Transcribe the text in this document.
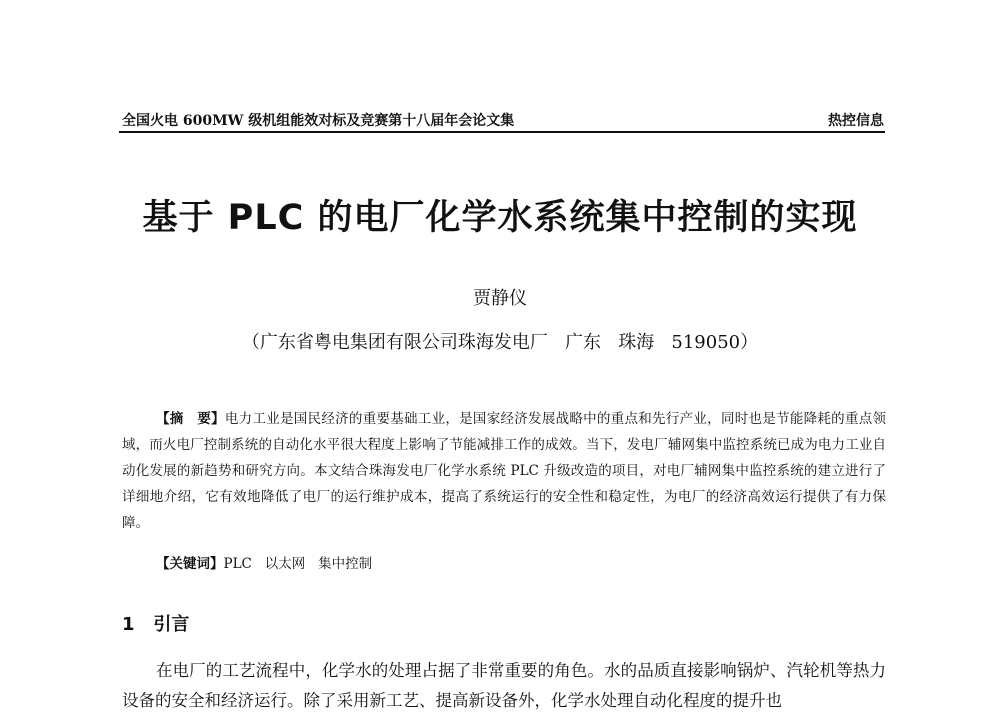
全国火电 600MW 级机组能效对标及竞赛第十八届年会论文集	热控信息
基于 PLC 的电厂化学水系统集中控制的实现
贾静仪
（广东省粤电集团有限公司珠海发电厂   广东   珠海   519050）
【摘　要】电力工业是国民经济的重要基础工业，是国家经济发展战略中的重点和先行产业，同时也是节能降耗的重点领域，而火电厂控制系统的自动化水平很大程度上影响了节能减排工作的成效。当下，发电厂辅网集中监控系统已成为电力工业自动化发展的新趋势和研究方向。本文结合珠海发电厂化学水系统 PLC 升级改造的项目，对电厂辅网集中监控系统的建立进行了详细地介绍，它有效地降低了电厂的运行维护成本，提高了系统运行的安全性和稳定性，为电厂的经济高效运行提供了有力保障。
【关键词】PLC   以太网   集中控制
1   引言
在电厂的工艺流程中，化学水的处理占据了非常重要的角色。水的品质直接影响锅炉、汽轮机等热力设备的安全和经济运行。除了采用新工艺、提高新设备外，化学水处理自动化程度的提升也
